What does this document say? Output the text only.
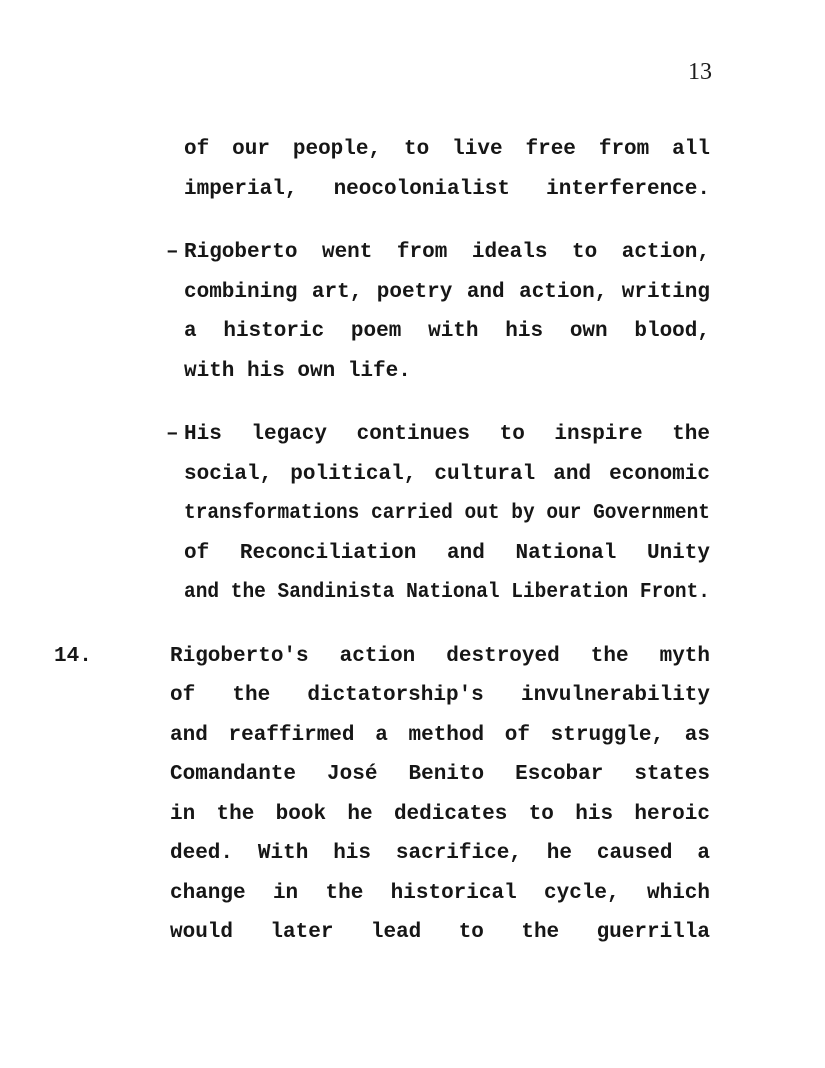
13
of our people, to live free from all
imperial, neocolonialist interference.
– Rigoberto went from ideals to action,
combining art, poetry and action, writing
a historic poem with his own blood,
with his own life.
– His legacy continues to inspire the
social, political, cultural and economic
transformations carried out by our Government
of Reconciliation and National Unity
and the Sandinista National Liberation Front.
14.	Rigoberto's action destroyed the myth
of the dictatorship's invulnerability
and reaffirmed a method of struggle, as
Comandante José Benito Escobar states
in the book he dedicates to his heroic
deed. With his sacrifice, he caused a
change in the historical cycle, which
would later lead to the guerrilla
